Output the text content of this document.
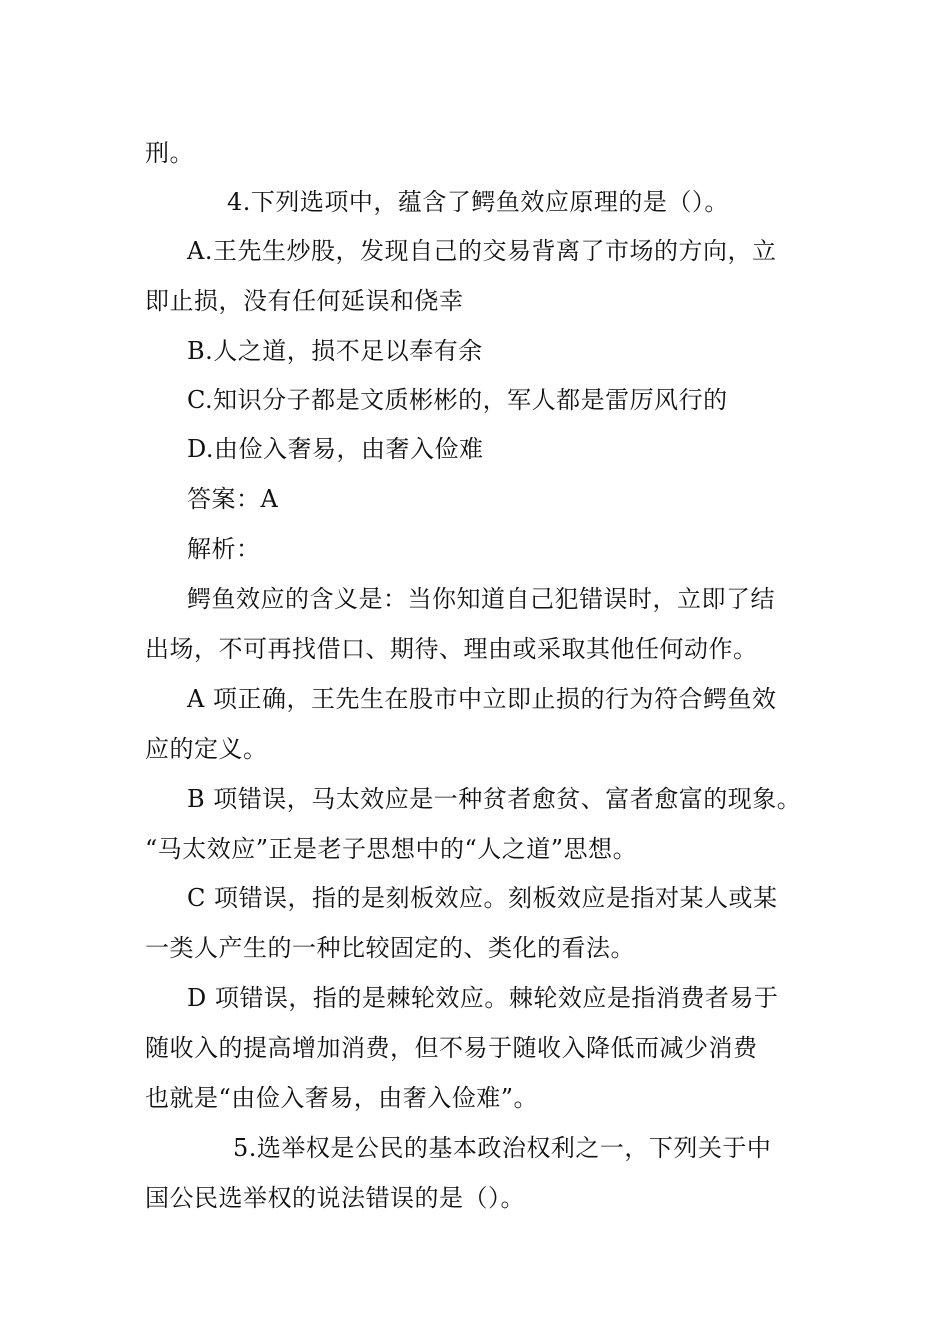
刑。
4.下列选项中，蕴含了鳄鱼效应原理的是（）。
A.王先生炒股，发现自己的交易背离了市场的方向，立
即止损，没有任何延误和侥幸
B.人之道，损不足以奉有余
C.知识分子都是文质彬彬的，军人都是雷厉风行的
D.由俭入奢易，由奢入俭难
答案：A
解析：
鳄鱼效应的含义是：当你知道自己犯错误时，立即了结
出场，不可再找借口、期待、理由或采取其他任何动作。
A 项正确，王先生在股市中立即止损的行为符合鳄鱼效
应的定义。
B 项错误，马太效应是一种贫者愈贫、富者愈富的现象。
“马太效应”正是老子思想中的“人之道”思想。
C 项错误，指的是刻板效应。刻板效应是指对某人或某
一类人产生的一种比较固定的、类化的看法。
D 项错误，指的是棘轮效应。棘轮效应是指消费者易于
随收入的提高增加消费，但不易于随收入降低而减少消费
也就是“由俭入奢易，由奢入俭难”。
5.选举权是公民的基本政治权利之一，下列关于中
国公民选举权的说法错误的是（）。
